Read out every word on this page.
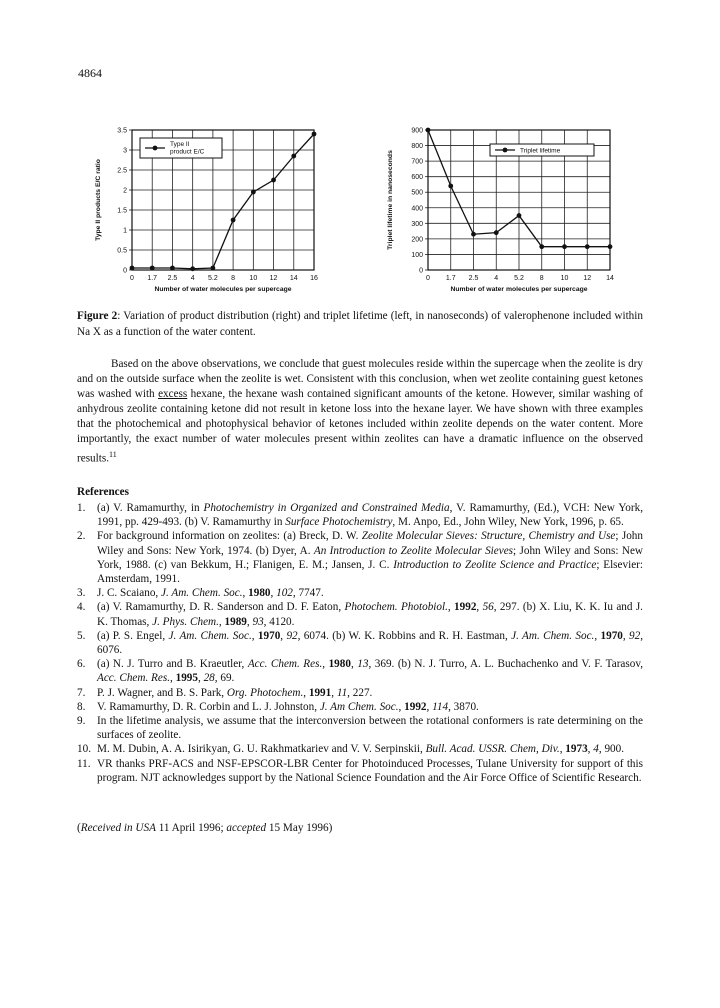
4864
0 1.7 2.5 4 5.2 8 10 12 14 16
0
0.5
1
1.5
2
2.5
3
3.5
Type II product E/C
Number of water molecules per supercage
Type II products E/C ratio
0 1.7 2.5 4 5.2 8 10 12 14
0
100
200
300
400
500
600
700
800
900
Triplet lifetime
Number of water molecules per supercage
Triplet lifetime in nanoseconds
Figure 2: Variation of product distribution (right) and triplet lifetime (left, in nanoseconds) of valerophenone included within Na X as a function of the water content.

Based on the above observations, we conclude that guest molecules reside within the supercage when the zeolite is dry and on the outside surface when the zeolite is wet. Consistent with this conclusion, when wet zeolite containing guest ketones was washed with excess hexane, the hexane wash contained significant amounts of the ketone. However, similar washing of anhydrous zeolite containing ketone did not result in ketone loss into the hexane layer. We have shown with three examples that the photochemical and photophysical behavior of ketones included within zeolite depends on the water content. More importantly, the exact number of water molecules present within zeolites can have a dramatic influence on the observed results.$^{11}$

References
1.	(a) V. Ramamurthy, in Photochemistry in Organized and Constrained Media, V. Ramamurthy, (Ed.), VCH: New York, 1991, pp. 429-493. (b) V. Ramamurthy in Surface Photochemistry, M. Anpo, Ed., John Wiley, New York, 1996, p. 65.
2.	For background information on zeolites: (a) Breck, D. W. Zeolite Molecular Sieves: Structure, Chemistry and Use; John Wiley and Sons: New York, 1974. (b) Dyer, A. An Introduction to Zeolite Molecular Sieves; John Wiley and Sons: New York, 1988. (c) van Bekkum, H.; Flanigen, E. M.; Jansen, J. C. Introduction to Zeolite Science and Practice; Elsevier: Amsterdam, 1991.
3.	J. C. Scaiano, J. Am. Chem. Soc., 1980, 102, 7747.
4.	(a) V. Ramamurthy, D. R. Sanderson and D. F. Eaton, Photochem. Photobiol., 1992, 56, 297. (b) X. Liu, K. K. Iu and J. K. Thomas, J. Phys. Chem., 1989, 93, 4120.
5.	(a) P. S. Engel, J. Am. Chem. Soc., 1970, 92, 6074. (b) W. K. Robbins and R. H. Eastman, J. Am. Chem. Soc., 1970, 92, 6076.
6.	(a) N. J. Turro and B. Kraeutler, Acc. Chem. Res., 1980, 13, 369. (b) N. J. Turro, A. L. Buchachenko and V. F. Tarasov, Acc. Chem. Res., 1995, 28, 69.
7.	P. J. Wagner, and B. S. Park, Org. Photochem., 1991, 11, 227.
8.	V. Ramamurthy, D. R. Corbin and L. J. Johnston, J. Am Chem. Soc., 1992, 114, 3870.
9.	In the lifetime analysis, we assume that the interconversion between the rotational conformers is rate determining on the surfaces of zeolite.
10. M. M. Dubin, A. A. Isirikyan, G. U. Rakhmatkariev and V. V. Serpinskii, Bull. Acad. USSR. Chem, Div., 1973, 4, 900.
11. VR thanks PRF-ACS and NSF-EPSCOR-LBR Center for Photoinduced Processes, Tulane University for support of this program. NJT acknowledges support by the National Science Foundation and the Air Force Office of Scientific Research.
(Received in USA 11 April 1996; accepted 15 May 1996)
